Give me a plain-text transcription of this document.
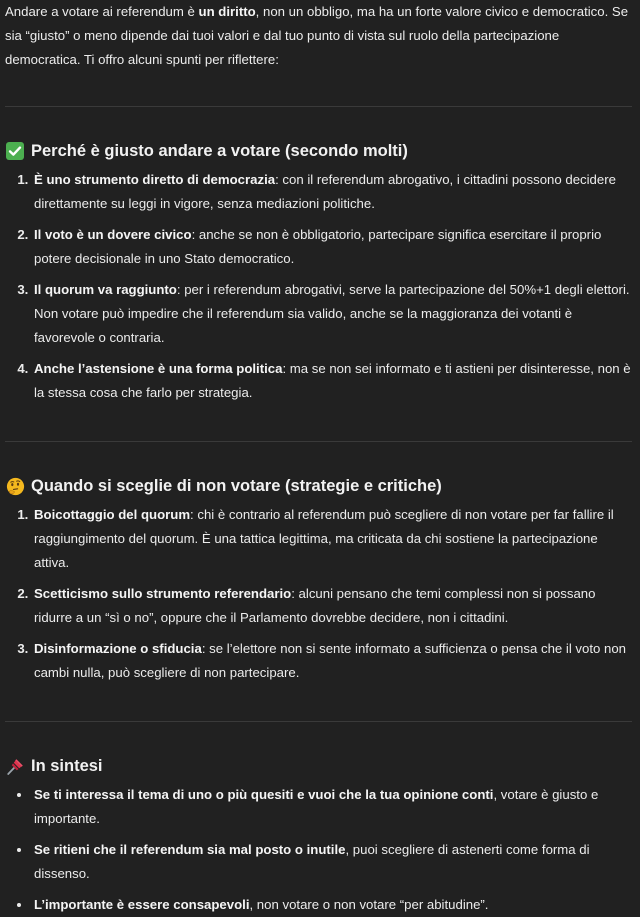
Andare a votare ai referendum è un diritto, non un obbligo, ma ha un forte valore civico e democratico. Se sia “giusto” o meno dipende dai tuoi valori e dal tuo punto di vista sul ruolo della partecipazione democratica. Ti offro alcuni spunti per riflettere:

Perché è giusto andare a votare (secondo molti)
1. È uno strumento diretto di democrazia: con il referendum abrogativo, i cittadini possono decidere direttamente su leggi in vigore, senza mediazioni politiche.
2. Il voto è un dovere civico: anche se non è obbligatorio, partecipare significa esercitare il proprio potere decisionale in uno Stato democratico.
3. Il quorum va raggiunto: per i referendum abrogativi, serve la partecipazione del 50%+1 degli elettori. Non votare può impedire che il referendum sia valido, anche se la maggioranza dei votanti è favorevole o contraria.
4. Anche l’astensione è una forma politica: ma se non sei informato e ti astieni per disinteresse, non è la stessa cosa che farlo per strategia.
Quando si sceglie di non votare (strategie e critiche)
1. Boicottaggio del quorum: chi è contrario al referendum può scegliere di non votare per far fallire il raggiungimento del quorum. È una tattica legittima, ma criticata da chi sostiene la partecipazione attiva.
2. Scetticismo sullo strumento referendario: alcuni pensano che temi complessi non si possano ridurre a un “sì o no”, oppure che il Parlamento dovrebbe decidere, non i cittadini.
3. Disinformazione o sfiducia: se l’elettore non si sente informato a sufficienza o pensa che il voto non cambi nulla, può scegliere di non partecipare.
In sintesi
• Se ti interessa il tema di uno o più quesiti e vuoi che la tua opinione conti, votare è giusto e importante.
• Se ritieni che il referendum sia mal posto o inutile, puoi scegliere di astenerti come forma di dissenso.
• L’importante è essere consapevoli, non votare o non votare “per abitudine”.
